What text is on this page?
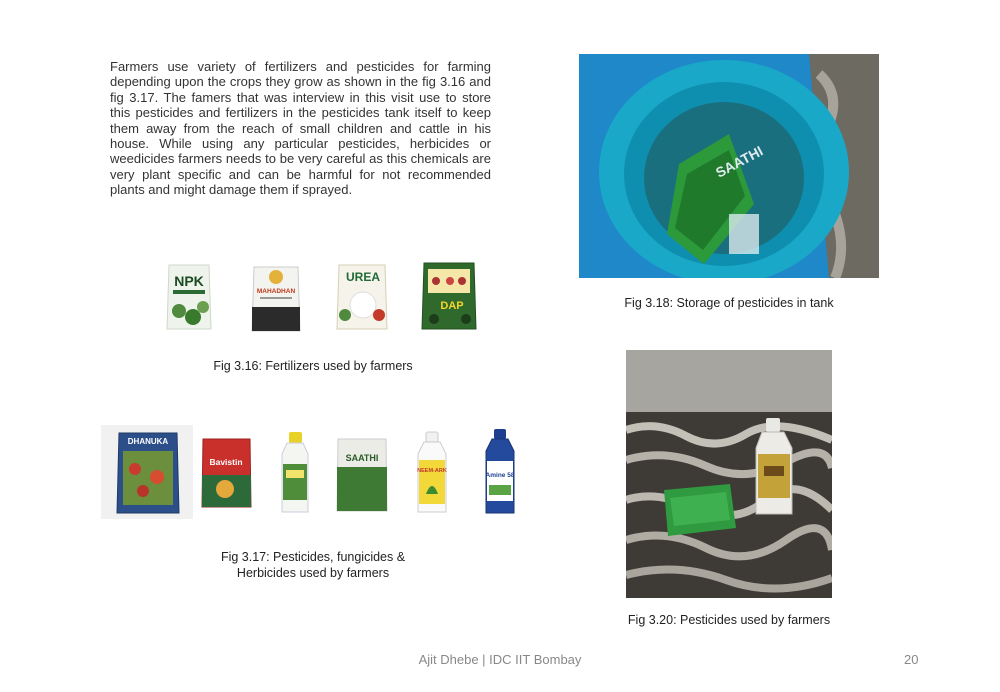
Farmers use variety of fertilizers and pesticides for farming depending upon the crops they grow as shown in the fig 3.16 and fig 3.17. The famers that was interview in this visit use to store this pesticides and fertilizers in the pesticides tank itself to keep them away from the reach of small children and cattle in his house. While using any particular pesticides, herbicides or weedicides farmers needs to be very careful as this chemicals are very plant specific and can be harmful for not recommended plants and might damage them if sprayed.
NPK
MAHADHAN
UREA
DAP
Fig 3.16: Fertilizers used by farmers
DHANUKA
Bavistin	SAATHI
NEEM-ARK
Amine 58
Fig 3.17: Pesticides, fungicides &
Herbicides used by farmers
SAATHI
Fig 3.18: Storage of pesticides in tank
Fig 3.20: Pesticides used by farmers
Ajit Dhebe | IDC IIT Bombay	20
